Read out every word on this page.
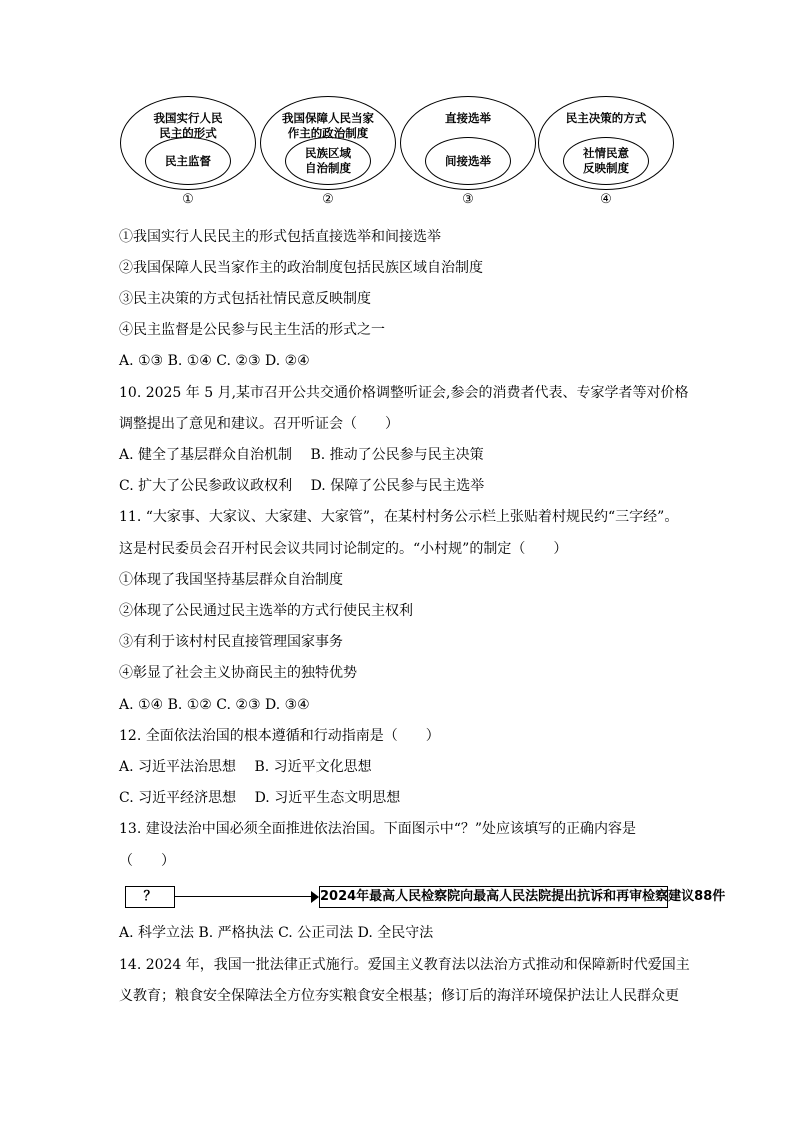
我国实行人民
民主的形式
民主监督
①
我国保障人民当家
作主的政治制度
民族区域
自治制度
②
直接选举
间接选举
③
民主决策的方式
社情民意
反映制度
④
①我国实行人民民主的形式包括直接选举和间接选举
②我国保障人民当家作主的政治制度包括民族区域自治制度
③民主决策的方式包括社情民意反映制度
④民主监督是公民参与民主生活的形式之一
A. ①③ B. ①④ C. ②③ D. ②④
10. 2025 年 5 月,某市召开公共交通价格调整听证会,参会的消费者代表、专家学者等对价格
调整提出了意见和建议。召开听证会（　　）
A. 健全了基层群众自治机制　 B. 推动了公民参与民主决策
C. 扩大了公民参政议政权利　 D. 保障了公民参与民主选举
11. “大家事、大家议、大家建、大家管”，在某村村务公示栏上张贴着村规民约“三字经”。
这是村民委员会召开村民会议共同讨论制定的。“小村规”的制定（　　）
①体现了我国坚持基层群众自治制度
②体现了公民通过民主选举的方式行使民主权利
③有利于该村村民直接管理国家事务
④彰显了社会主义协商民主的独特优势
A. ①④ B. ①② C. ②③ D. ③④
12. 全面依法治国的根本遵循和行动指南是（　　）
A. 习近平法治思想　 B. 习近平文化思想
C. 习近平经济思想　 D. 习近平生态文明思想
13. 建设法治中国必须全面推进依法治国。下面图示中“？”处应该填写的正确内容是
（　　）
？	2024年最高人民检察院向最高人民法院提出抗诉和再审检察建议88件
A. 科学立法 B. 严格执法 C. 公正司法 D. 全民守法
14. 2024 年，我国一批法律正式施行。爱国主义教育法以法治方式推动和保障新时代爱国主
义教育；粮食安全保障法全方位夯实粮食安全根基；修订后的海洋环境保护法让人民群众更
